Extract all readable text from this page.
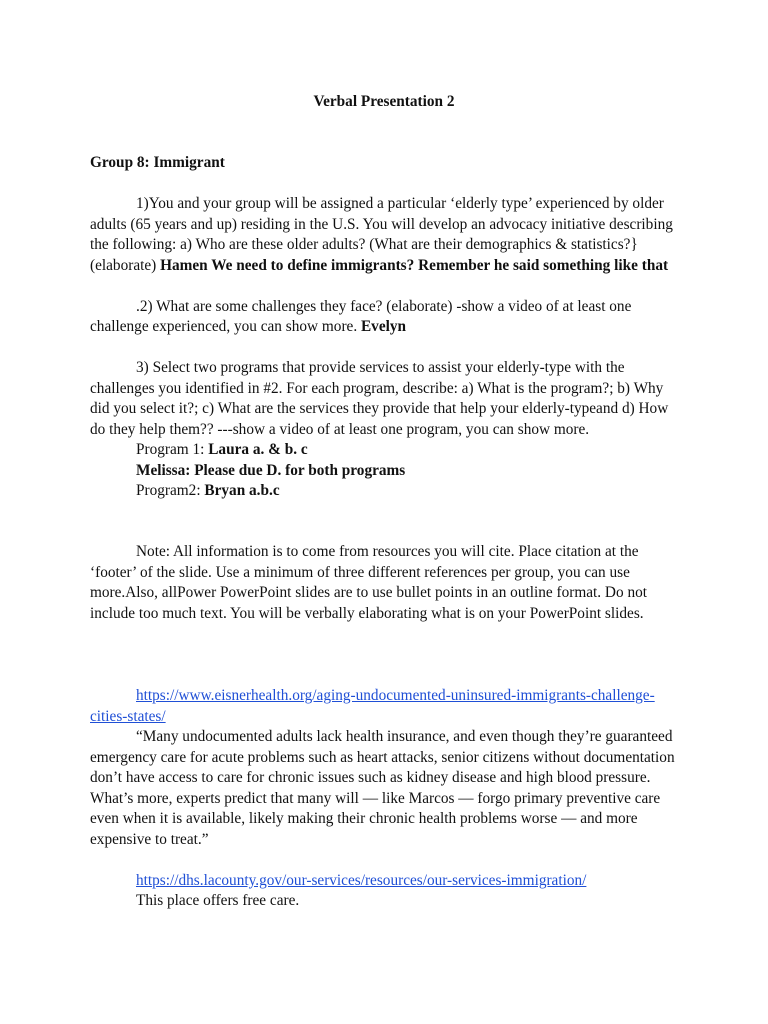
Verbal Presentation 2
Group 8: Immigrant
1)You and your group will be assigned a particular ‘elderly type’ experienced by older
adults (65 years and up) residing in the U.S. You will develop an advocacy initiative describing
the following: a) Who are these older adults? (What are their demographics & statistics?}
(elaborate) Hamen We need to define immigrants? Remember he said something like that
.2) What are some challenges they face? (elaborate) -show a video of at least one
challenge experienced, you can show more. Evelyn
3) Select two programs that provide services to assist your elderly-type with the
challenges you identified in #2. For each program, describe: a) What is the program?; b) Why
did you select it?; c) What are the services they provide that help your elderly-typeand d) How
do they help them?? ---show a video of at least one program, you can show more.
Program 1: Laura a. & b. c
Melissa: Please due D. for both programs
Program2: Bryan a.b.c
Note: All information is to come from resources you will cite. Place citation at the
‘footer’ of the slide. Use a minimum of three different references per group, you can use
more.Also, allPower PowerPoint slides are to use bullet points in an outline format. Do not
include too much text. You will be verbally elaborating what is on your PowerPoint slides.
https://www.eisnerhealth.org/aging-undocumented-uninsured-immigrants-challenge-
cities-states/
“Many undocumented adults lack health insurance, and even though they’re guaranteed
emergency care for acute problems such as heart attacks, senior citizens without documentation
don’t have access to care for chronic issues such as kidney disease and high blood pressure.
What’s more, experts predict that many will — like Marcos — forgo primary preventive care
even when it is available, likely making their chronic health problems worse — and more
expensive to treat.”
https://dhs.lacounty.gov/our-services/resources/our-services-immigration/
This place offers free care.
